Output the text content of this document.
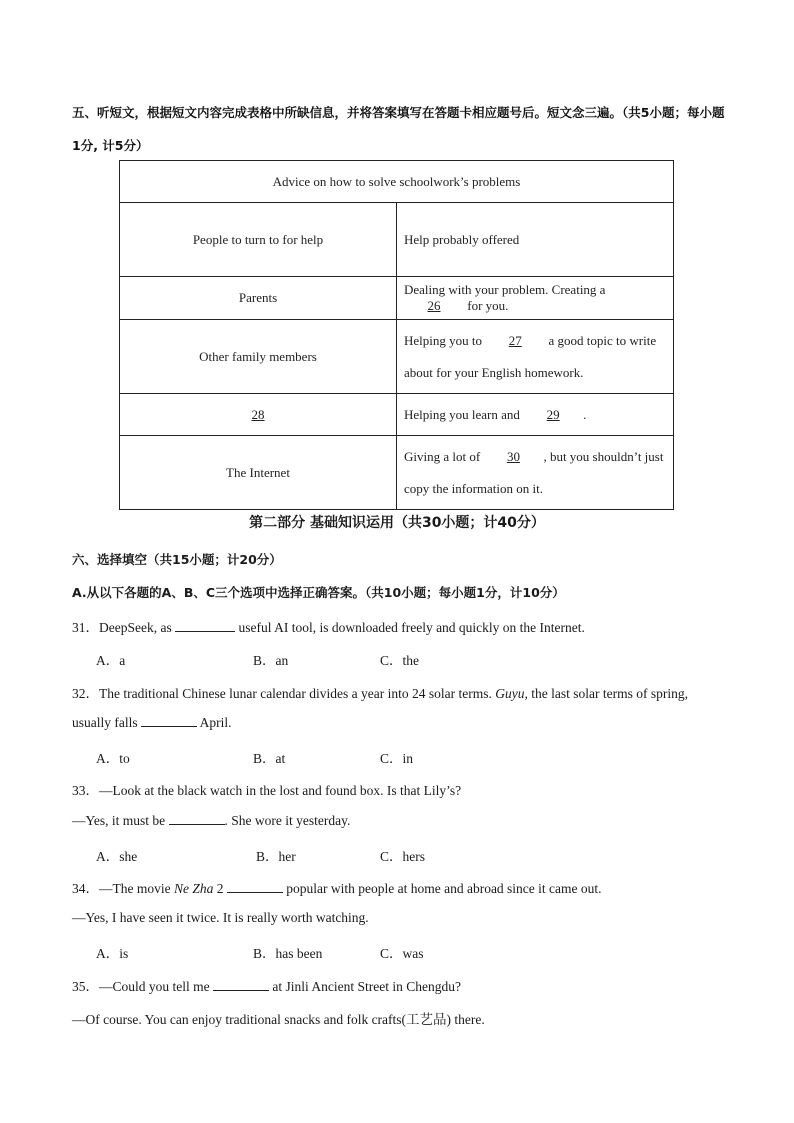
五、听短文，根据短文内容完成表格中所缺信息，并将答案填写在答题卡相应题号后。短文念三遍。（共5小题；每小题1分, 计5分）
Advice on how to solve schoolwork’s problems	
People to turn to for help	Help probably offered
Parents	Dealing with your problem. Creating a 26 for you.
Other family members	Helping you to 27 a good topic to write about for your English homework.
28	Helping you learn and 29 .
The Internet	Giving a lot of 30 , but you shouldn’t just copy the information on it.
第二部分 基础知识运用（共30小题；计40分）
六、选择填空（共15小题；计20分）
A.从以下各题的A、B、C三个选项中选择正确答案。（共10小题；每小题1分，计10分）
31．DeepSeek, as	useful AI tool, is downloaded freely and quickly on the Internet.
A．a	B．an	C．the
32．The traditional Chinese lunar calendar divides a year into 24 solar terms. Guyu, the last solar terms of spring,
usually falls	April.
A．to	B．at	C．in
33．—Look at the black watch in the lost and found box. Is that Lily’s?
—Yes, it must be	. She wore it yesterday.
A．she	B．her	C．hers
34．—The movie Ne Zha 2	popular with people at home and abroad since it came out.
—Yes, I have seen it twice. It is really worth watching.
A．is	B．has been	C．was
35．—Could you tell me	at Jinli Ancient Street in Chengdu?
—Of course. You can enjoy traditional snacks and folk crafts(工艺品) there.
